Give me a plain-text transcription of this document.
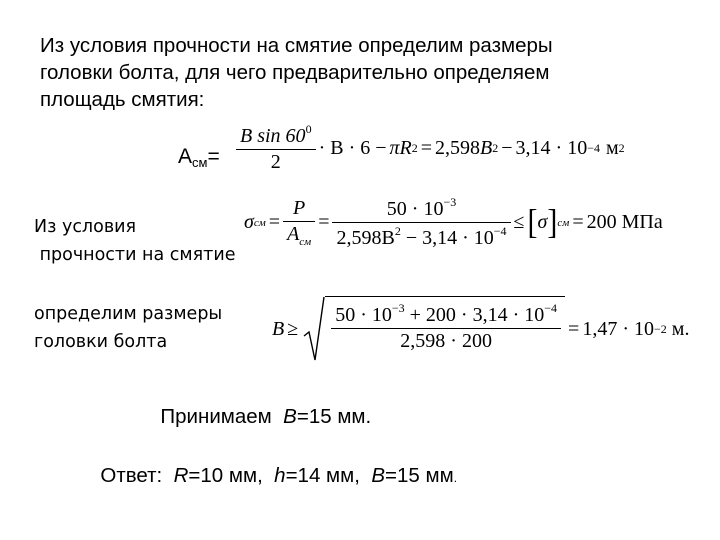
Из условия прочности на смятие определим размеры
головки болта, для чего предварительно определяем
площадь смятия:
$А_{см}= \frac{B \sin 60^0}{2} \cdot B \cdot 6 - \pi$ R 2 = 2,598 B 2 − 3,14 · 10 −4 м 2
Из условия
прочности на смятие
σ см = $\frac{P}{A_{см}} = \frac{50 \cdot 10^{-3}}{2,598B^2 - 3,14 \cdot 10^{-4}}$ ≤ [ σ ] см = 200 МПа
определим размеры
головки болта
$B \ge \frac{50 \cdot 10^{-3} + 200 \cdot 3,14 \cdot 10^{-4}}{2,598 \cdot 200} = 1,47 \cdot 10 -2$ м.

Принимаем  B=15 мм.

Ответ:  R=10 мм,  h=14 мм,  B=15 мм.
